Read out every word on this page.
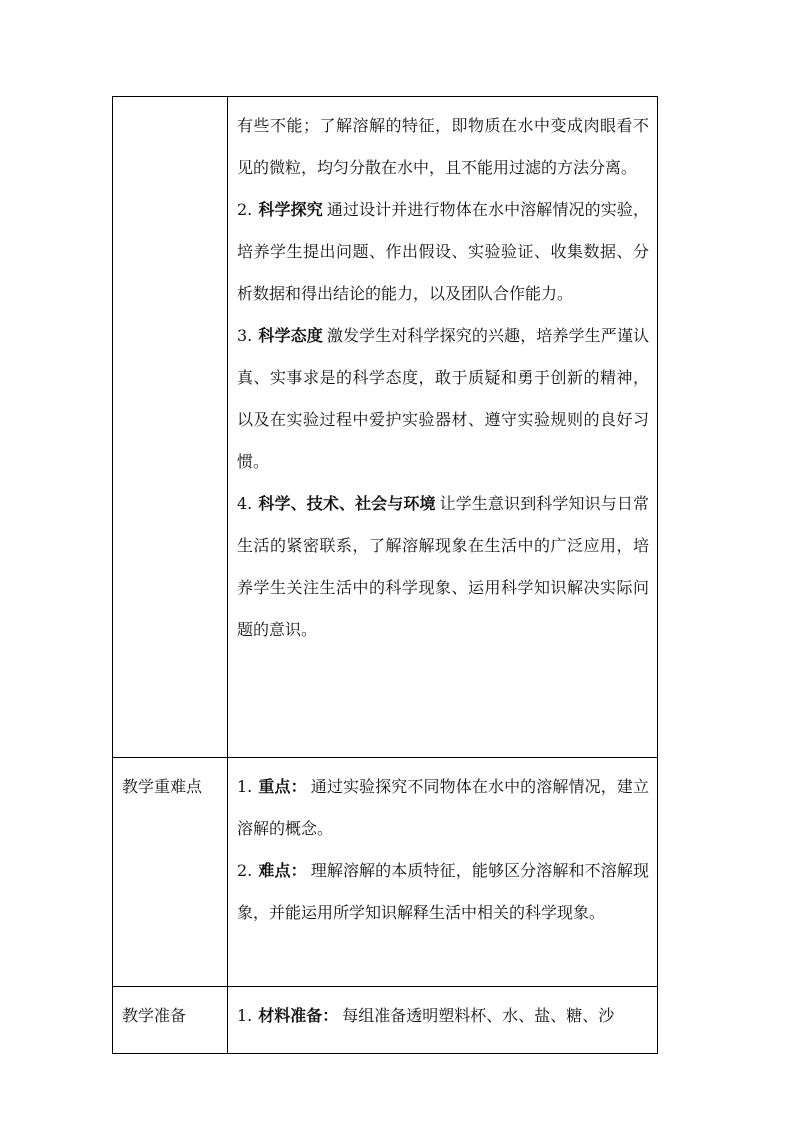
	有些不能；了解溶解的特征，即物质在水中变成肉眼看不见的微粒，均匀分散在水中，且不能用过滤的方法分离。

2. 科学探究 通过设计并进行物体在水中溶解情况的实验，培养学生提出问题、作出假设、实验验证、收集数据、分析数据和得出结论的能力，以及团队合作能力。

3. 科学态度 激发学生对科学探究的兴趣，培养学生严谨认真、实事求是的科学态度，敢于质疑和勇于创新的精神，以及在实验过程中爱护实验器材、遵守实验规则的良好习惯。

4. 科学、技术、社会与环境 让学生意识到科学知识与日常生活的紧密联系，了解溶解现象在生活中的广泛应用，培养学生关注生活中的科学现象、运用科学知识解决实际问题的意识。

教学重难点	1. 重点： 通过实验探究不同物体在水中的溶解情况，建立溶解的概念。

2. 难点： 理解溶解的本质特征，能够区分溶解和不溶解现象，并能运用所学知识解释生活中相关的科学现象。

教学准备	1. 材料准备： 每组准备透明塑料杯、水、盐、糖、沙
